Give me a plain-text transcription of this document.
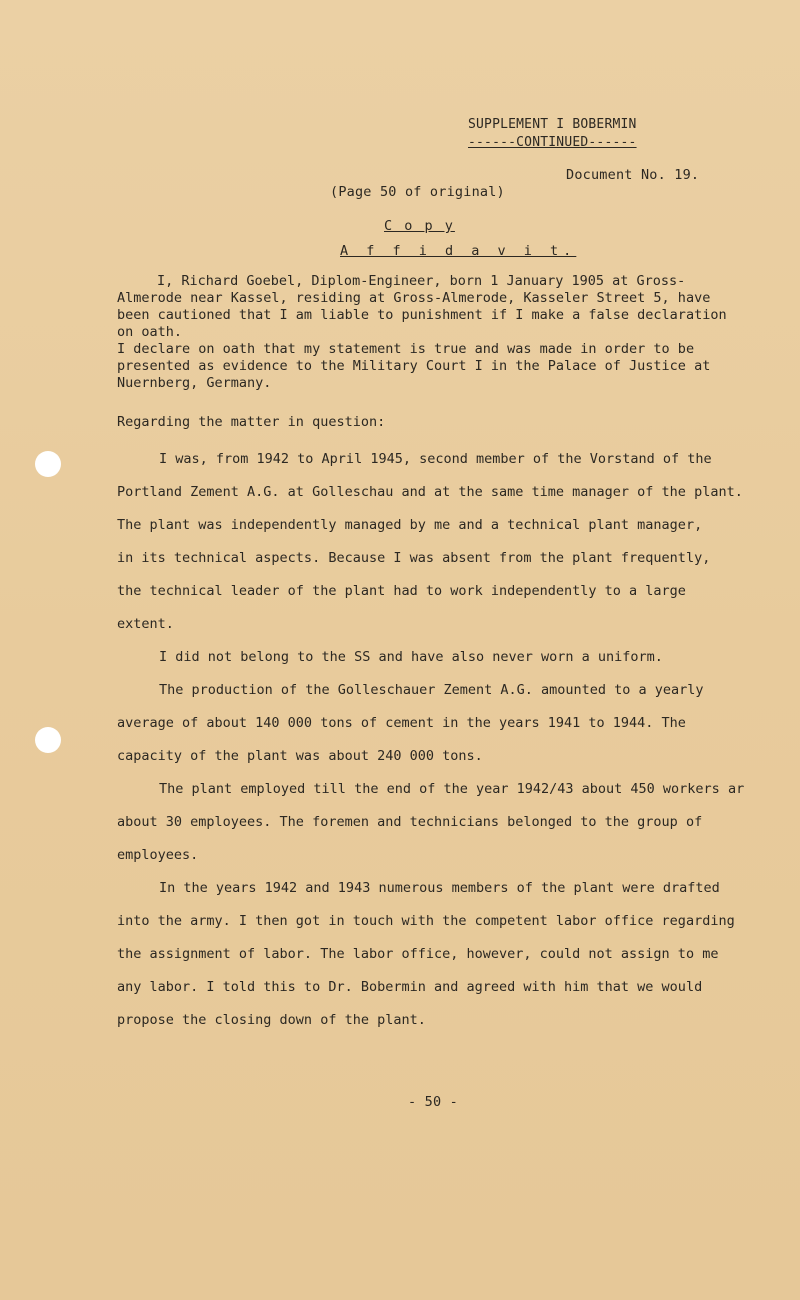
SUPPLEMENT I BOBERMIN

------CONTINUED------

Document No. 19.

(Page 50 of original)

C o p y

A f f i d a v i t.

I, Richard Goebel, Diplom-Engineer, born 1 January 1905 at Gross-
Almerode near Kassel, residing at Gross-Almerode, Kasseler Street 5, have
been cautioned that I am liable to punishment if I make a false declaration
on oath.
I declare on oath that my statement is true and was made in order to be
presented as evidence to the Military Court I in the Palace of Justice at
Nuernberg, Germany.

Regarding the matter in question:

I was, from 1942 to April 1945, second member of the Vorstand of the
Portland Zement A.G. at Golleschau and at the same time manager of the plant.
The plant was independently managed by me and a technical plant manager,
in its technical aspects. Because I was absent from the plant frequently,
the technical leader of the plant had to work independently to a large
extent.
I did not belong to the SS and have also never worn a uniform.
The production of the Golleschauer Zement A.G. amounted to a yearly
average of about 140 000 tons of cement in the years 1941 to 1944. The
capacity of the plant was about 240 000 tons.
The plant employed till the end of the year 1942/43 about 450 workers ar
about 30 employees. The foremen and technicians belonged to the group of
employees.
In the years 1942 and 1943 numerous members of the plant were drafted
into the army. I then got in touch with the competent labor office regarding
the assignment of labor. The labor office, however, could not assign to me
any labor. I told this to Dr. Bobermin and agreed with him that we would
propose the closing down of the plant.

- 50 -
